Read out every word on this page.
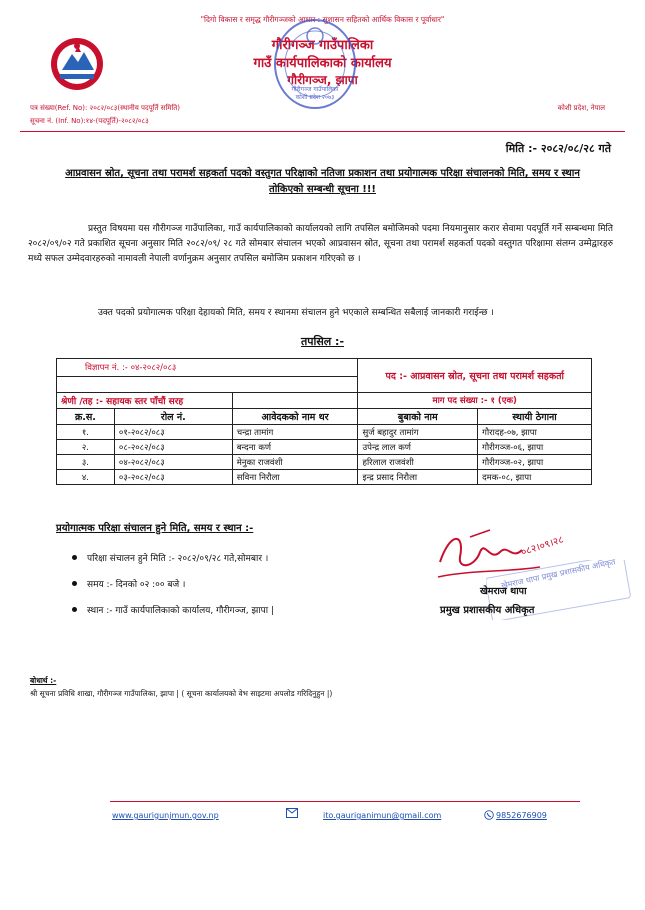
"दिगो विकास र समृद्ध गौरीगञ्जको आधार : सुशासन सहितको आर्थिक विकास र पूर्वाधार"
गौरीगञ्ज गाउँपालिका
गाउँ कार्यपालिकाको कार्यालय
गौरीगञ्ज, झापा
गौरीगञ्ज गाउँपालिका कोशी प्रदेश २०७३
पत्र संख्या(Ref. No): २०८२/०८३(स्थानीय पदपूर्ति समिति)
सूचना नं. (Inf. No):१४-(पदपूर्ति)-२०८२/०८३
कोशी प्रदेश, नेपाल
मिति :- २०८२/०८/२८ गते
आप्रवासन स्रोत, सूचना तथा परामर्श सहकर्ता पदको वस्तुगत परिक्षाको नतिजा प्रकाशन तथा प्रयोगात्मक परिक्षा संचालनको मिति, समय र स्थान तोकिएको सम्बन्धी सूचना !!!
प्रस्तुत विषयमा यस गौरीगञ्ज गाउँपालिका, गाउँ कार्यपालिकाको कार्यालयको लागि तपसिल बमोजिमको पदमा नियमानुसार करार सेवामा पदपूर्ति गर्ने सम्बन्धमा मिति २०८२/०९/०२ गते प्रकाशित सूचना अनुसार मिति २०८२/०९/ २८ गते सोमबार संचालन भएको आप्रवासन स्रोत, सूचना तथा परामर्श सहकर्ता पदको वस्तुगत परिक्षामा संलग्न उम्मेद्वारहरु मध्ये सफल उम्मेदवारहरुको नामावली नेपाली वर्णानुक्रम अनुसार तपसिल बमोजिम प्रकाशन गरिएको छ ।
उक्त पदको प्रयोगात्मक परिक्षा देहायको मिति, समय र स्थानमा संचालन हुने भएकाले सम्बन्धित सबैलाई जानकारी गराईन्छ ।
तपसिल :-
विज्ञापन नं. :- ०४-२०८२/०८३			पद :- आप्रवासन स्रोत, सूचना तथा परामर्श सहकर्ता	

श्रेणी /तह :- सहायक स्तर पाँचौं सरह			माग पद संख्या :- १ (एक)	
क्र.स.	रोल नं.	आवेदकको नाम थर	बुबाको नाम	स्थायी ठेगाना
१.	०१-२०८२/०८३	चन्द्रा तामांग	सुर्ज बहादुर तामांग	गौरादह-०७, झापा
२.	०८-२०८२/०८३	बन्दना कर्ण	उपेन्द्र लाल कर्ण	गौरीगञ्ज-०६, झापा
३.	०४-२०८२/०८३	मेनुका राजवंशी	हरिलाल राजवंशी	गौरीगञ्ज-०२, झापा
४.	०३-२०८२/०८३	सविना निरौला	इन्द्र प्रसाद निरौला	दमक-०८, झापा
प्रयोगात्मक परिक्षा संचालन हुने मिति, समय र स्थान :-
परिक्षा संचालन हुने मिति :- २०८२/०९/२८ गते,सोमबार ।
समय :- दिनको ०२ :०० बजे ।
स्थान :- गाउँ कार्यपालिकाको कार्यालय, गौरीगञ्ज, झापा |
०८२।०९।२८
खेमराज थापा प्रमुख प्रशासकीय अधिकृत
खेमराज थापा
प्रमुख प्रशासकीय अधिकृत
बोधार्थ :-
श्री सूचना प्रविधि शाखा, गौरीगञ्ज गाउँपालिका, झापा | ( सूचना कार्यालयको वेभ साइटमा अपलोड गरिदिनुहुन |)
www.gaurigunjmun.gov.np	ito.gauriganimun@gmail.com	9852676909
